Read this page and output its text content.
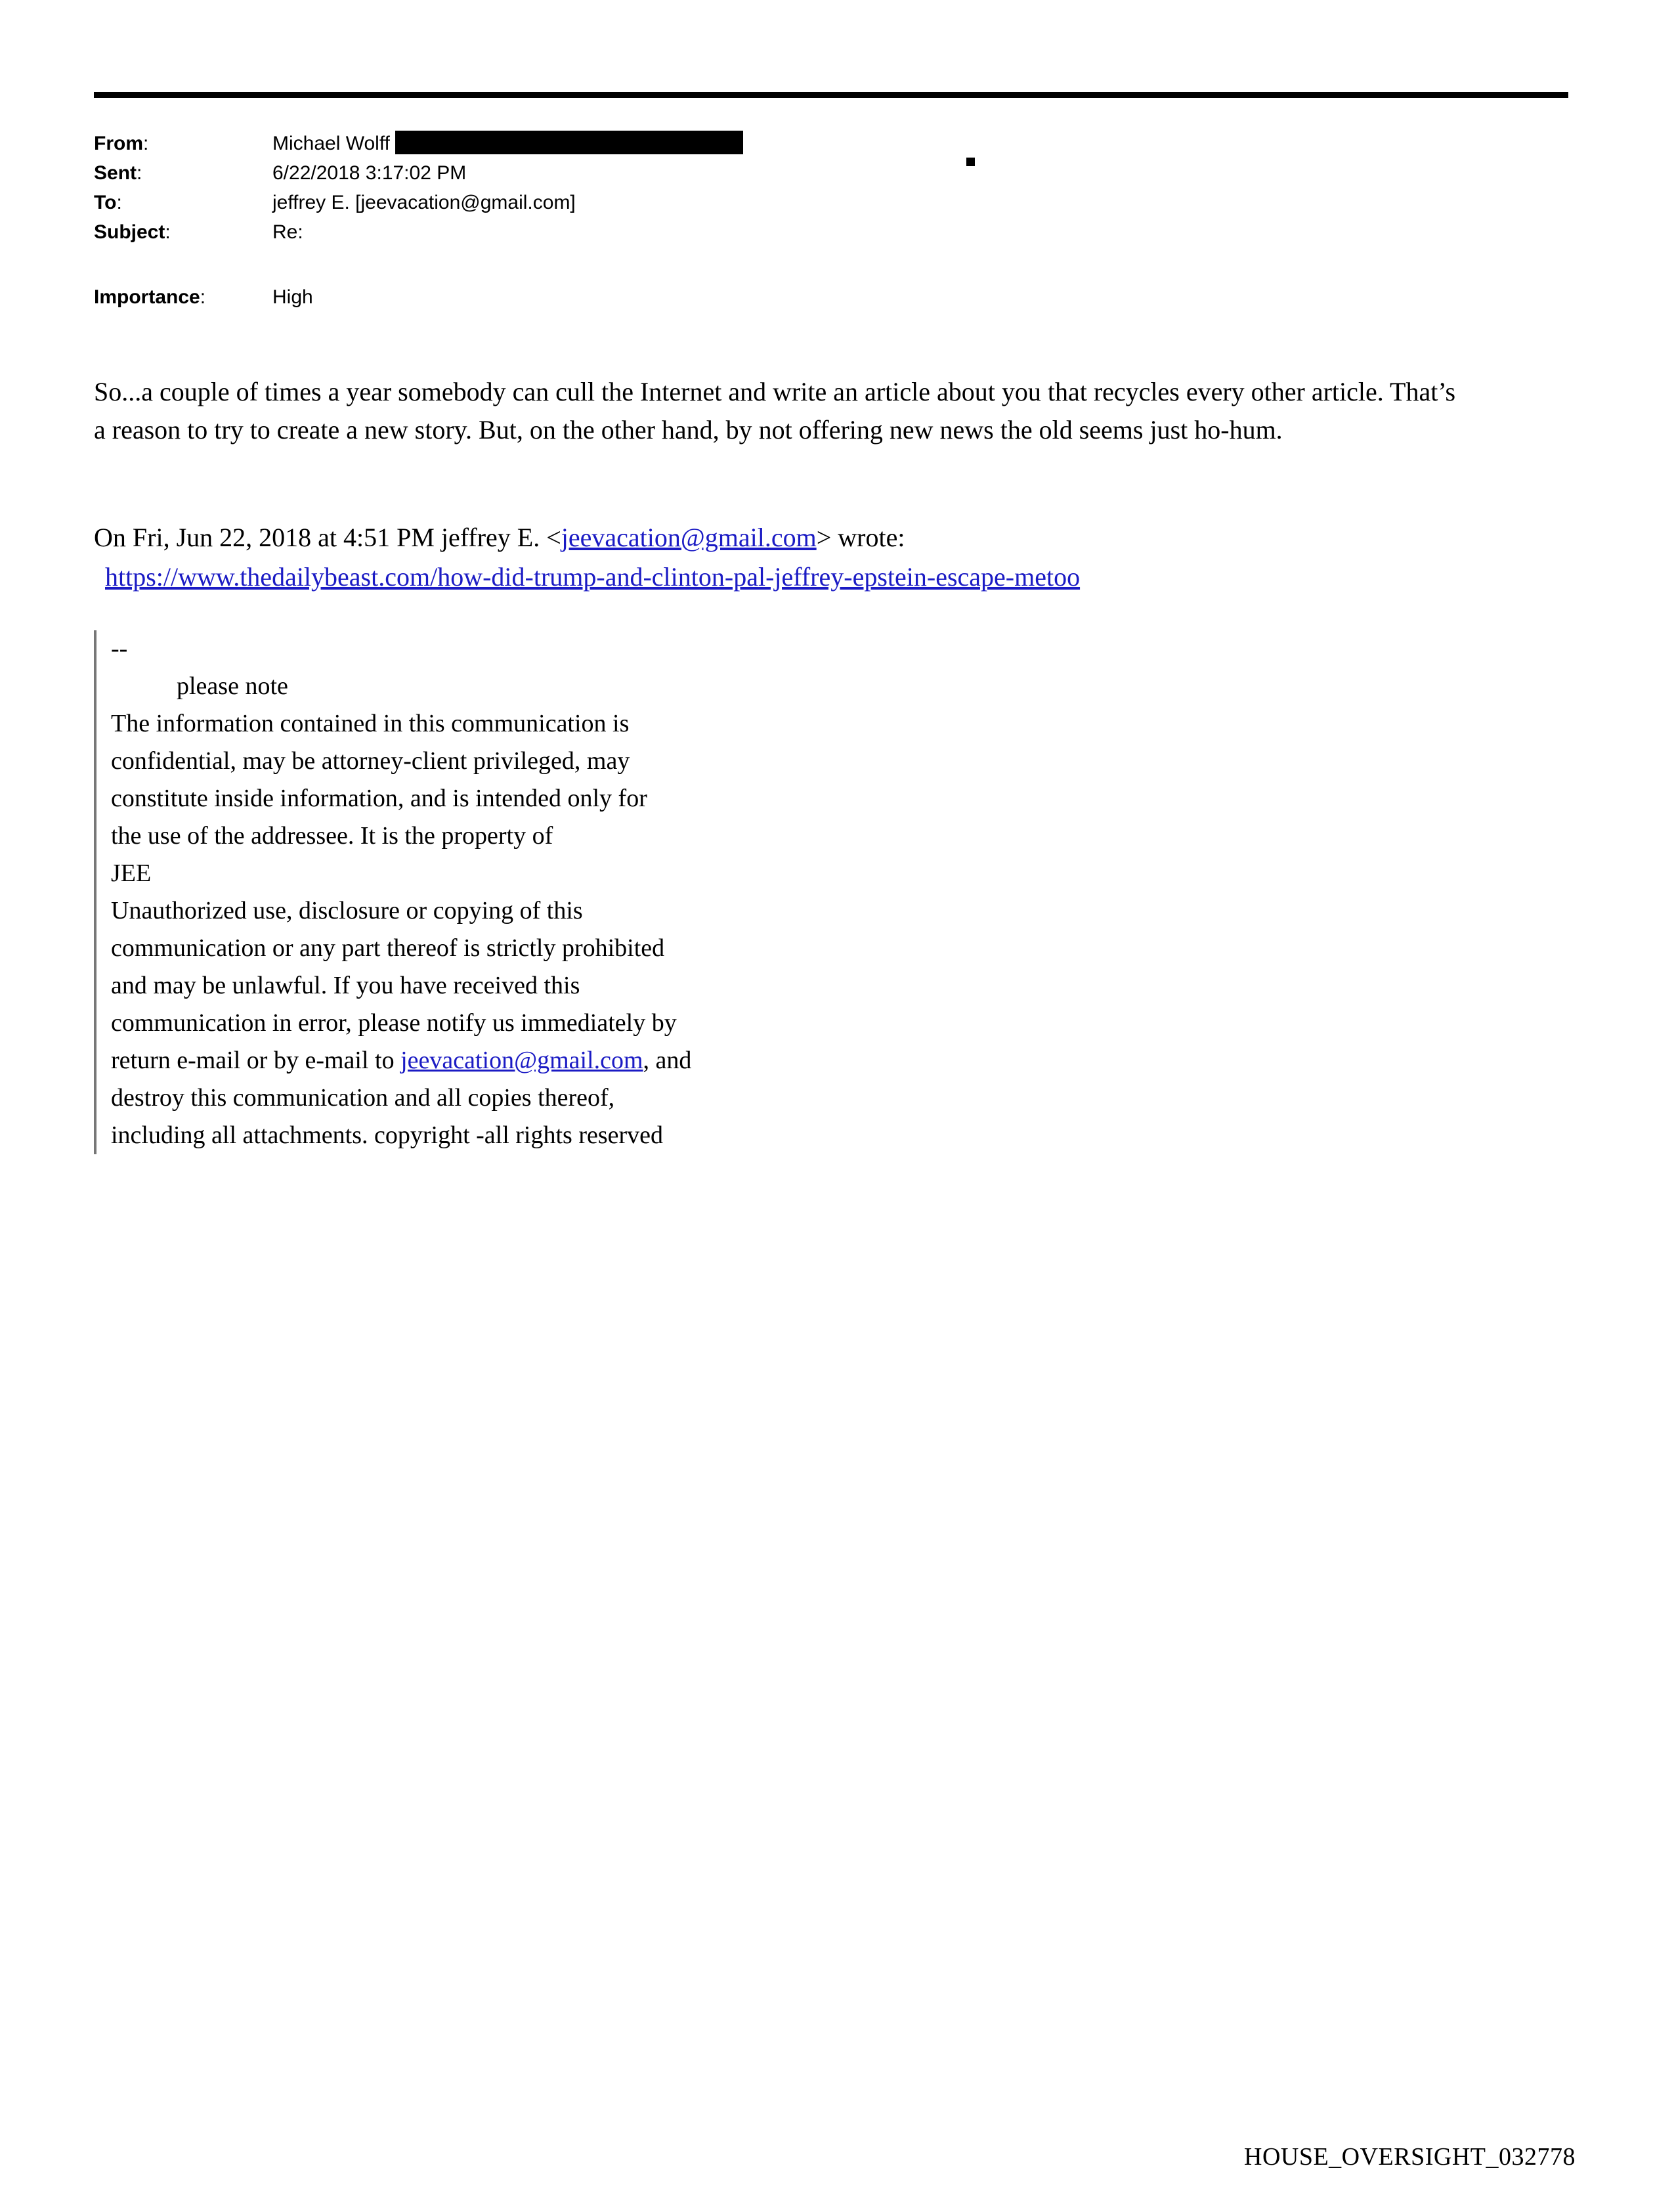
From:	Michael Wolff
Sent:	6/22/2018 3:17:02 PM
To:	jeffrey E. [jeevacation@gmail.com]
Subject:	Re:
Importance:	High

So...a couple of times a year somebody can cull the Internet and write an article about you that recycles every other article. That’s a reason to try to create a new story. But, on the other hand, by not offering new news the old seems just ho-hum.

On Fri, Jun 22, 2018 at 4:51 PM jeffrey E. <jeevacation@gmail.com> wrote:
https://www.thedailybeast.com/how-did-trump-and-clinton-pal-jeffrey-epstein-escape-metoo
--
please note
The information contained in this communication is
confidential, may be attorney-client privileged, may
constitute inside information, and is intended only for
the use of the addressee. It is the property of
JEE
Unauthorized use, disclosure or copying of this
communication or any part thereof is strictly prohibited
and may be unlawful. If you have received this
communication in error, please notify us immediately by
return e-mail or by e-mail to jeevacation@gmail.com, and
destroy this communication and all copies thereof,
including all attachments. copyright -all rights reserved
HOUSE_OVERSIGHT_032778
